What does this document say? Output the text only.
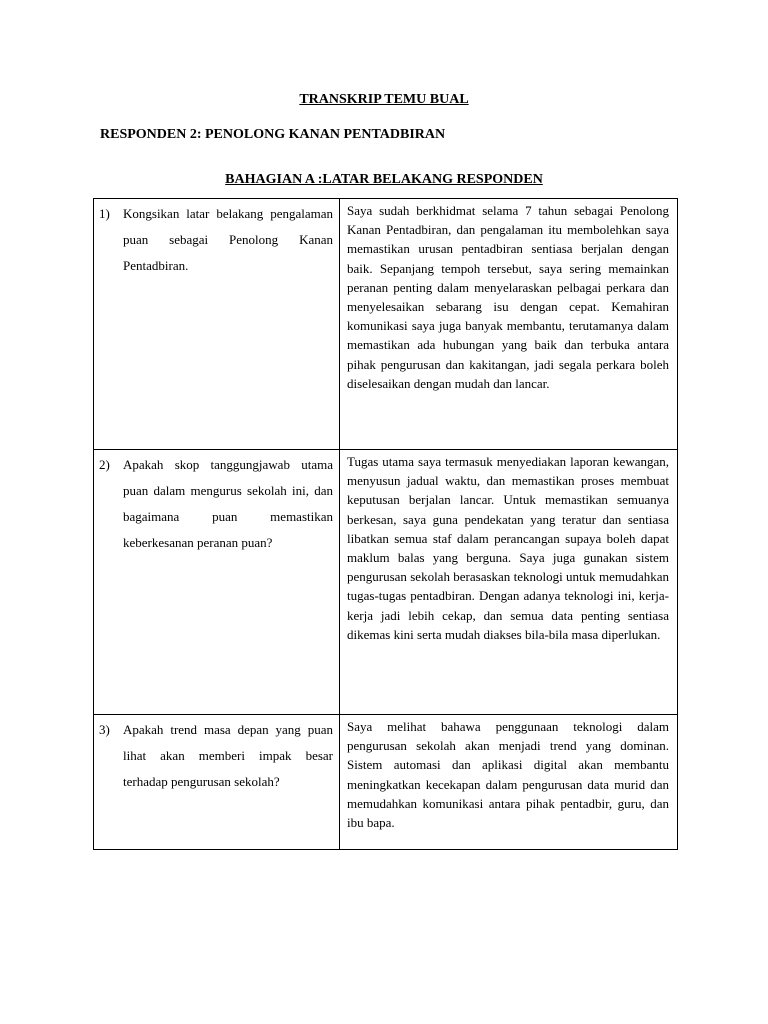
TRANSKRIP TEMU BUAL
RESPONDEN 2: PENOLONG KANAN PENTADBIRAN
BAHAGIAN A :LATAR BELAKANG RESPONDEN
1) Kongsikan latar belakang pengalaman puan sebagai Penolong Kanan Pentadbiran.	Saya sudah berkhidmat selama 7 tahun sebagai Penolong Kanan Pentadbiran, dan pengalaman itu membolehkan saya memastikan urusan pentadbiran sentiasa berjalan dengan baik. Sepanjang tempoh tersebut, saya sering memainkan peranan penting dalam menyelaraskan pelbagai perkara dan menyelesaikan sebarang isu dengan cepat. Kemahiran komunikasi saya juga banyak membantu, terutamanya dalam memastikan ada hubungan yang baik dan terbuka antara pihak pengurusan dan kakitangan, jadi segala perkara boleh diselesaikan dengan mudah dan lancar.

2) Apakah skop tanggungjawab utama puan dalam mengurus sekolah ini, dan bagaimana puan memastikan keberkesanan peranan puan?	Tugas utama saya termasuk menyediakan laporan kewangan, menyusun jadual waktu, dan memastikan proses membuat keputusan berjalan lancar. Untuk memastikan semuanya berkesan, saya guna pendekatan yang teratur dan sentiasa libatkan semua staf dalam perancangan supaya boleh dapat maklum balas yang berguna. Saya juga gunakan sistem pengurusan sekolah berasaskan teknologi untuk memudahkan tugas-tugas pentadbiran. Dengan adanya teknologi ini, kerja-kerja jadi lebih cekap, dan semua data penting sentiasa dikemas kini serta mudah diakses bila-bila masa diperlukan.

3) Apakah trend masa depan yang puan lihat akan memberi impak besar terhadap pengurusan sekolah?	Saya melihat bahawa penggunaan teknologi dalam pengurusan sekolah akan menjadi trend yang dominan. Sistem automasi dan aplikasi digital akan membantu meningkatkan kecekapan dalam pengurusan data murid dan memudahkan komunikasi antara pihak pentadbir, guru, dan ibu bapa.
